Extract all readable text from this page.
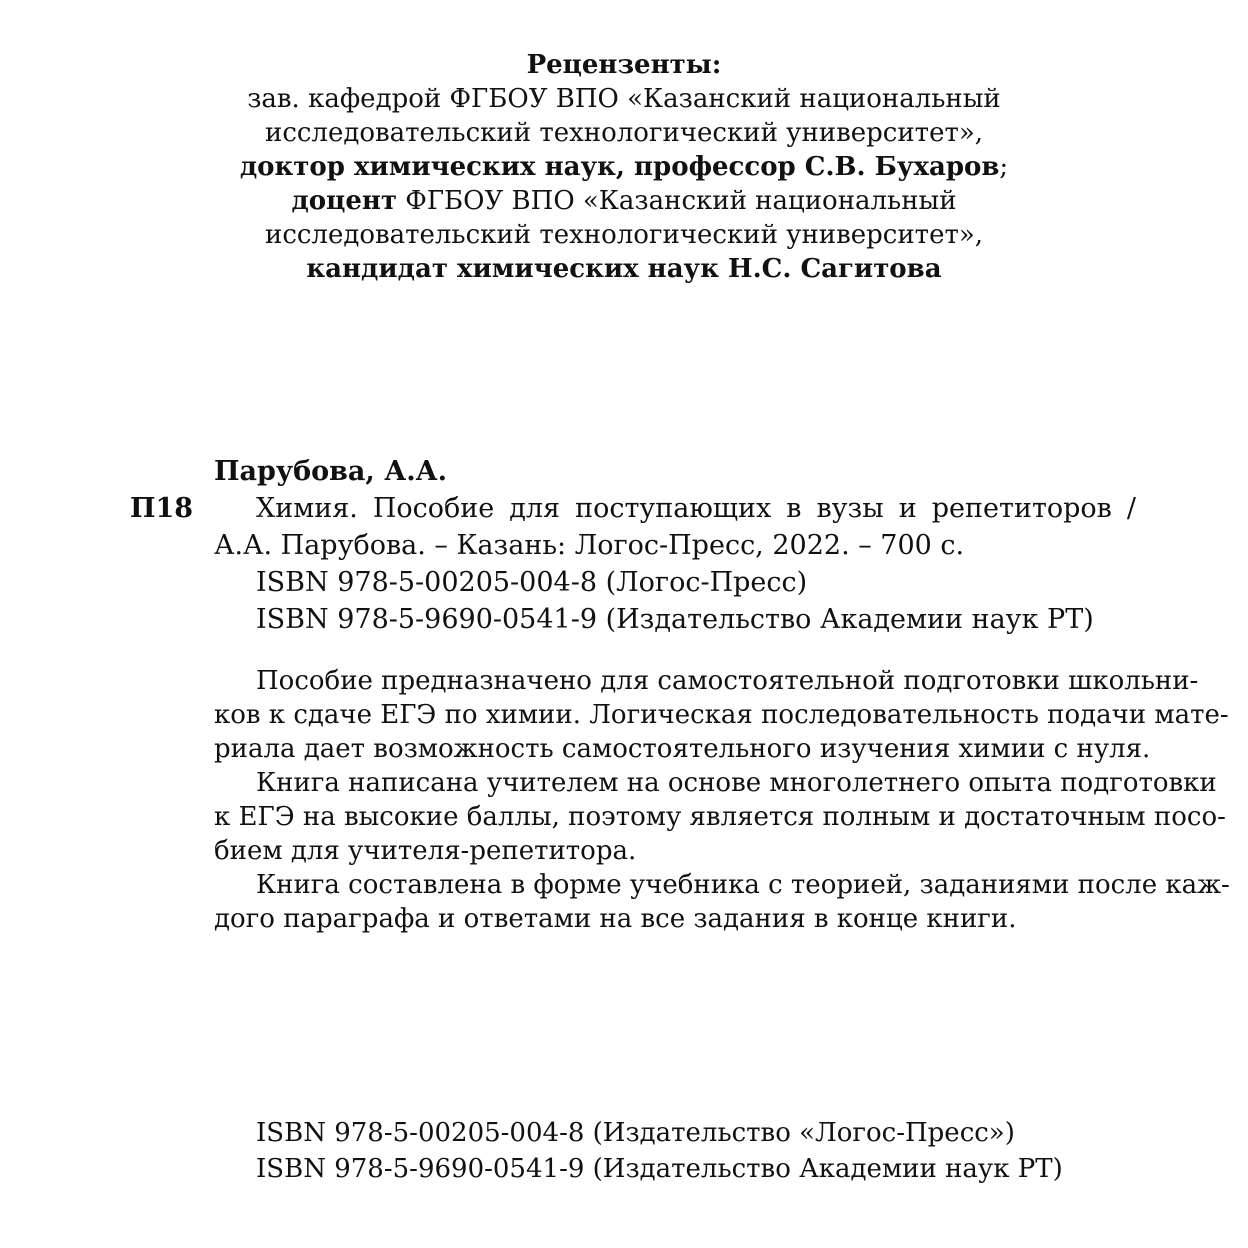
Рецензенты:
зав. кафедрой ФГБОУ ВПО «Казанский национальный
исследовательский технологический университет»,
доктор химических наук, профессор С.В. Бухаров;
доцент ФГБОУ ВПО «Казанский национальный
исследовательский технологический университет»,
кандидат химических наук Н.С. Сагитова
Парубова, А.А.
П18 Химия. Пособие для поступающих в вузы и репетиторов /
А.А. Парубова. – Казань: Логос-Пресс, 2022. – 700 с.
ISBN 978-5-00205-004-8 (Логос-Пресс)
ISBN 978-5-9690-0541-9 (Издательство Академии наук РТ)
Пособие предназначено для самостоятельной подготовки школьни-
ков к сдаче ЕГЭ по химии. Логическая последовательность подачи мате-
риала дает возможность самостоятельного изучения химии с нуля.
Книга написана учителем на основе многолетнего опыта подготовки
к ЕГЭ на высокие баллы, поэтому является полным и достаточным посо-
бием для учителя-репетитора.
Книга составлена в форме учебника с теорией, заданиями после каж-
дого параграфа и ответами на все задания в конце книги.
ISBN 978-5-00205-004-8 (Издательство «Логос-Пресс»)
ISBN 978-5-9690-0541-9 (Издательство Академии наук РТ)
